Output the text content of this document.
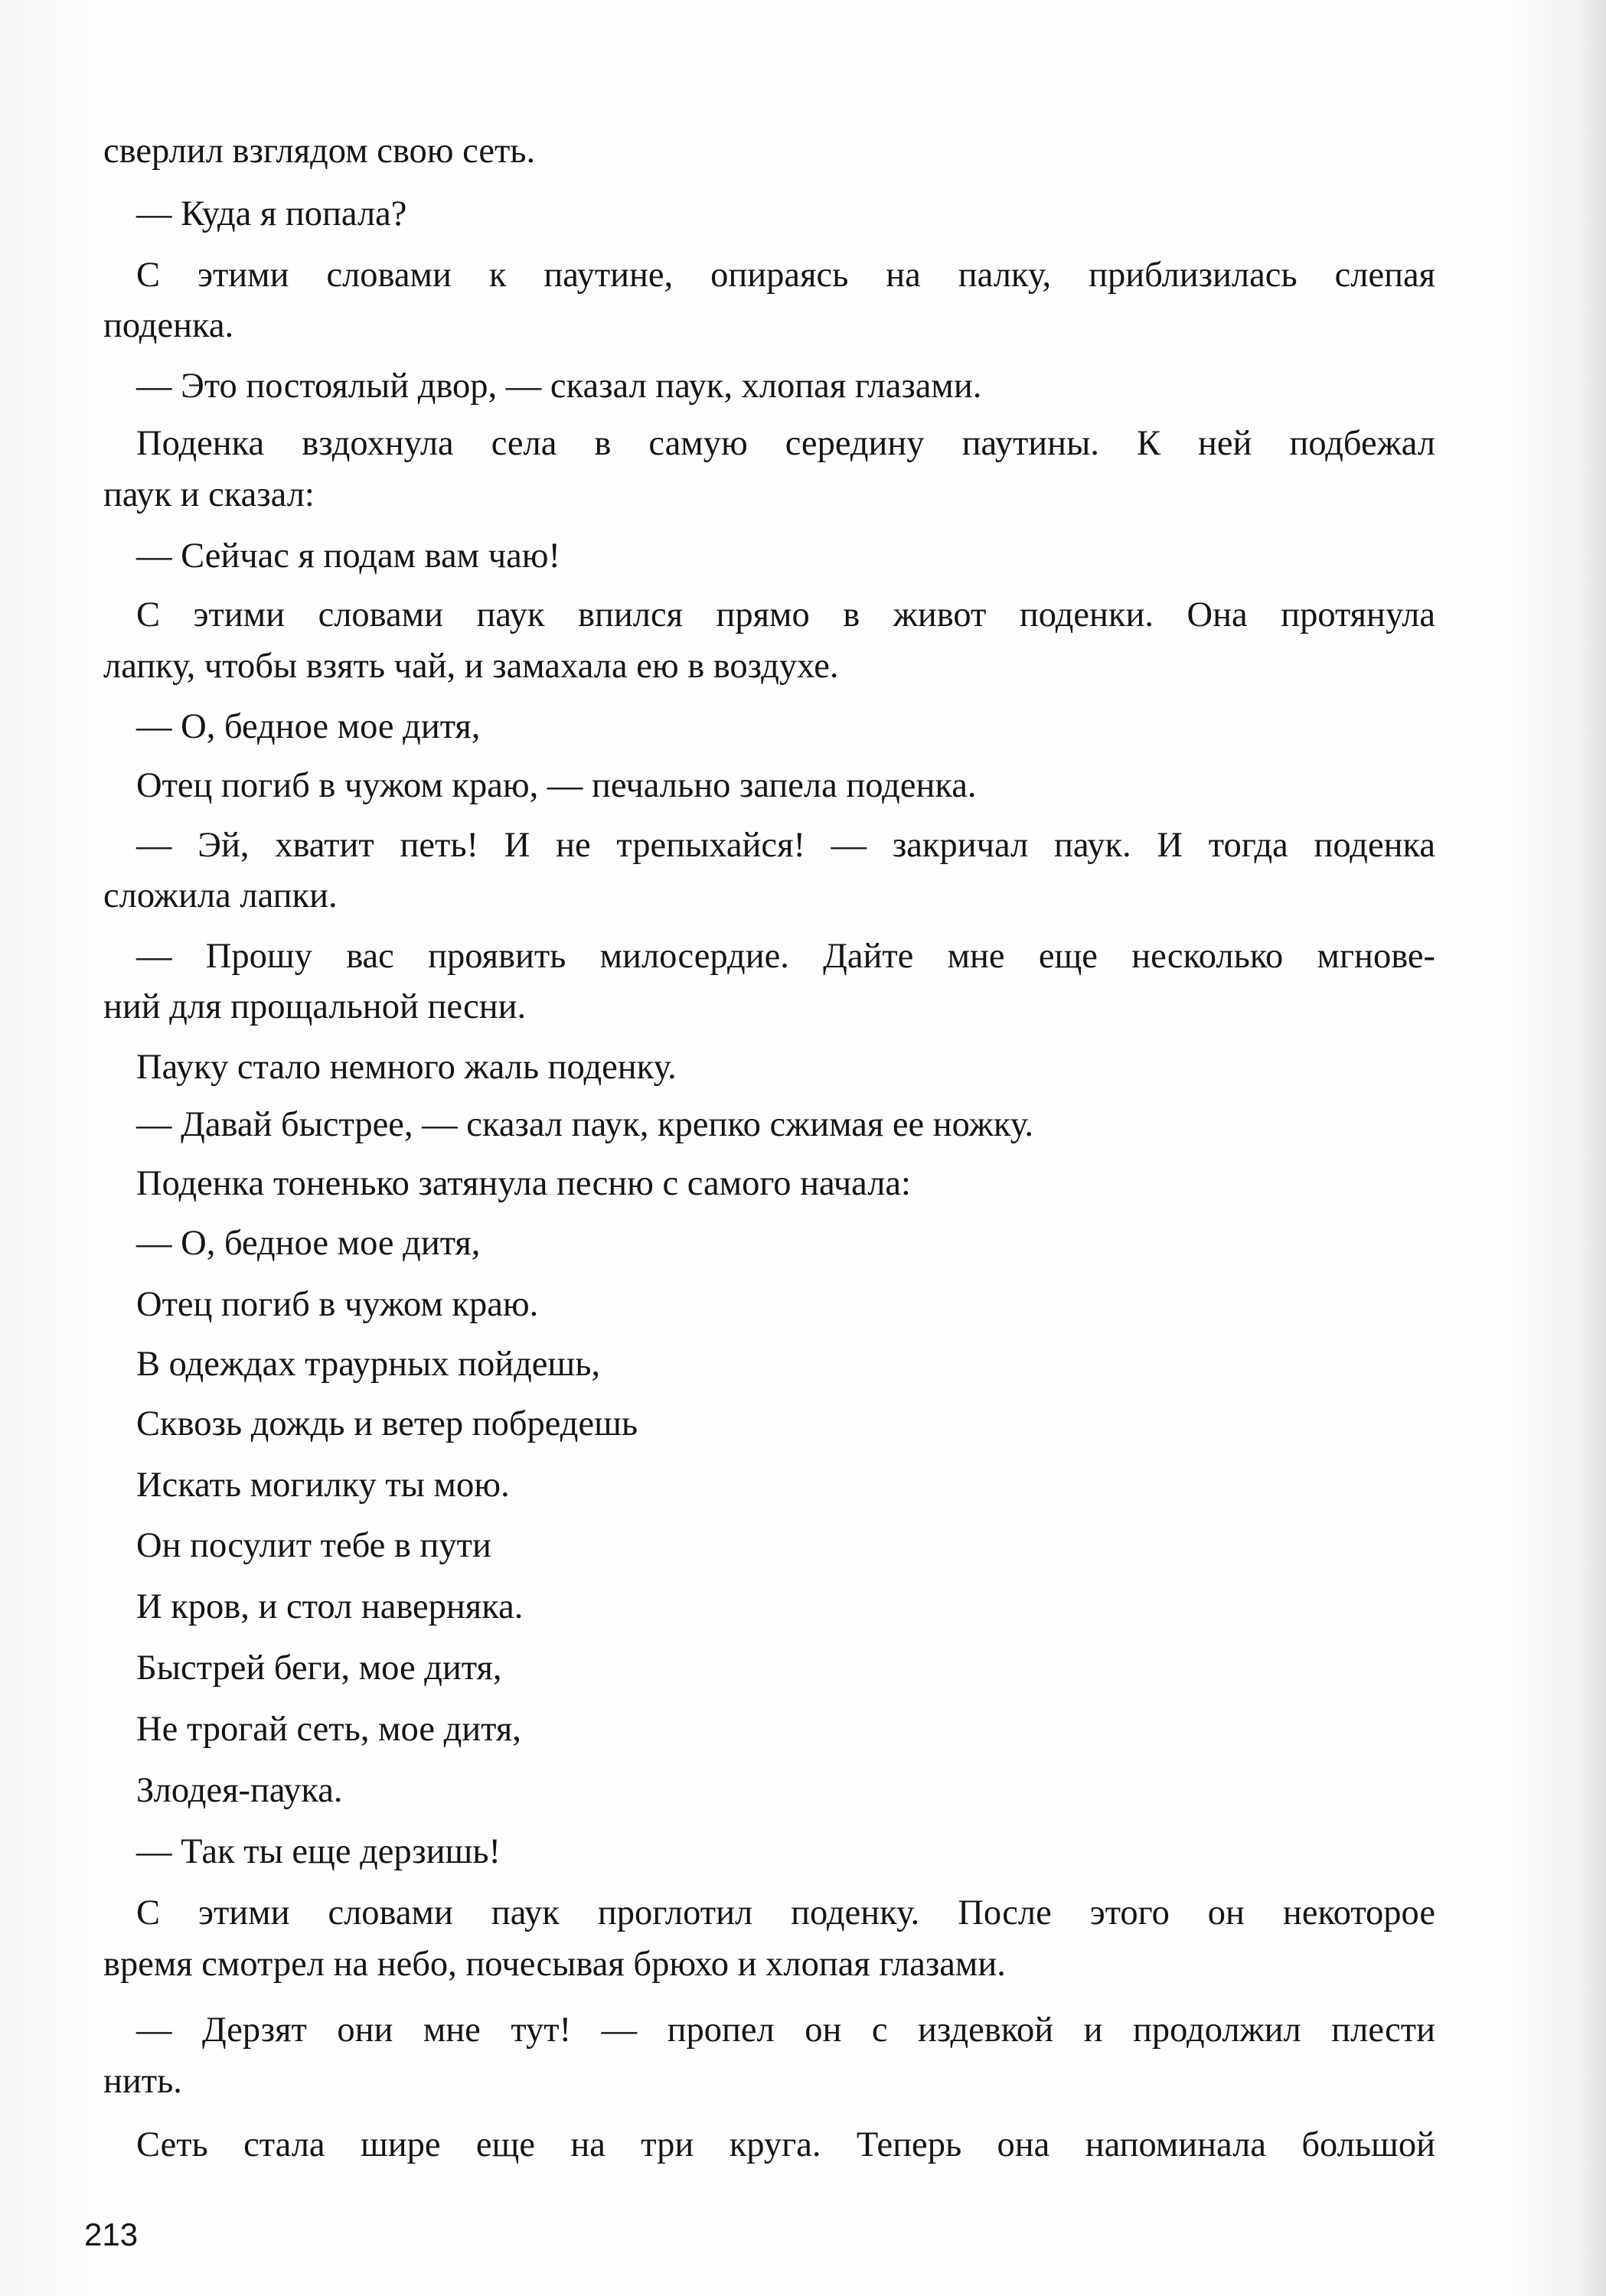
сверлил взглядом свою сеть.
— Куда я попала?
С этими словами к паутине, опираясь на палку, приблизилась слепая
поденка.
— Это постоялый двор, — сказал паук, хлопая глазами.
Поденка вздохнула села в самую середину паутины. К ней подбежал
паук и сказал:
— Сейчас я подам вам чаю!
С этими словами паук впился прямо в живот поденки. Она протянула
лапку, чтобы взять чай, и замахала ею в воздухе.
— О, бедное мое дитя,
Отец погиб в чужом краю, — печально запела поденка.
— Эй, хватит петь! И не трепыхайся! — закричал паук. И тогда поденка
сложила лапки.
— Прошу вас проявить милосердие. Дайте мне еще несколько мгнове-
ний для прощальной песни.
Пауку стало немного жаль поденку.
— Давай быстрее, — сказал паук, крепко сжимая ее ножку.
Поденка тоненько затянула песню с самого начала:
— О, бедное мое дитя,
Отец погиб в чужом краю.
В одеждах траурных пойдешь,
Сквозь дождь и ветер побредешь
Искать могилку ты мою.
Он посулит тебе в пути
И кров, и стол наверняка.
Быстрей беги, мое дитя,
Не трогай сеть, мое дитя,
Злодея-паука.
— Так ты еще дерзишь!
С этими словами паук проглотил поденку. После этого он некоторое
время смотрел на небо, почесывая брюхо и хлопая глазами.
— Дерзят они мне тут! — пропел он с издевкой и продолжил плести
нить.
Сеть стала шире еще на три круга. Теперь она напоминала большой
213
